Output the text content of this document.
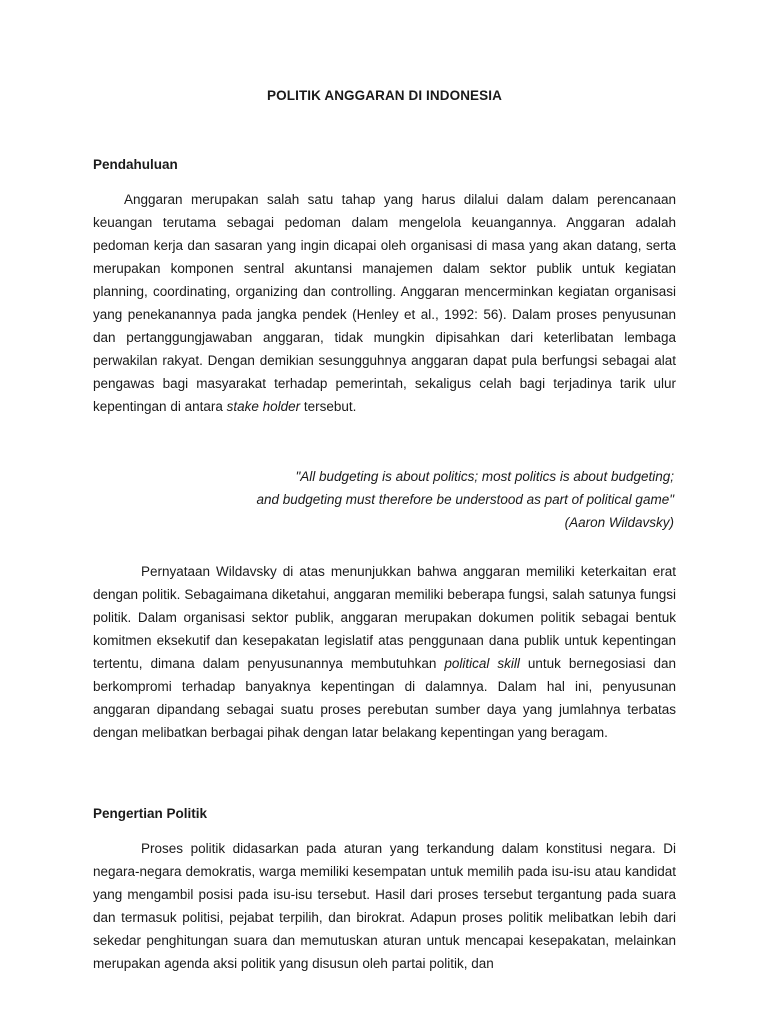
POLITIK ANGGARAN DI INDONESIA
Pendahuluan
Anggaran merupakan salah satu tahap yang harus dilalui dalam dalam perencanaan keuangan terutama sebagai pedoman dalam mengelola keuangannya. Anggaran adalah pedoman kerja dan sasaran yang ingin dicapai oleh organisasi di masa yang akan datang, serta merupakan komponen sentral akuntansi manajemen dalam sektor publik untuk kegiatan planning, coordinating, organizing dan controlling. Anggaran mencerminkan kegiatan organisasi yang penekanannya pada jangka pendek (Henley et al., 1992: 56). Dalam proses penyusunan dan pertanggungjawaban anggaran, tidak mungkin dipisahkan dari keterlibatan lembaga perwakilan rakyat. Dengan demikian sesungguhnya anggaran dapat pula berfungsi sebagai alat pengawas bagi masyarakat terhadap pemerintah, sekaligus celah bagi terjadinya tarik ulur kepentingan di antara stake holder tersebut.
"All budgeting is about politics; most politics is about budgeting;
and budgeting must therefore be understood as part of political game"
(Aaron Wildavsky)
Pernyataan Wildavsky di atas menunjukkan bahwa anggaran memiliki keterkaitan erat dengan politik. Sebagaimana diketahui, anggaran memiliki beberapa fungsi, salah satunya fungsi politik. Dalam organisasi sektor publik, anggaran merupakan dokumen politik sebagai bentuk komitmen eksekutif dan kesepakatan legislatif atas penggunaan dana publik untuk kepentingan tertentu, dimana dalam penyusunannya membutuhkan political skill untuk bernegosiasi dan berkompromi terhadap banyaknya kepentingan di dalamnya. Dalam hal ini, penyusunan anggaran dipandang sebagai suatu proses perebutan sumber daya yang jumlahnya terbatas dengan melibatkan berbagai pihak dengan latar belakang kepentingan yang beragam.
Pengertian Politik
Proses politik didasarkan pada aturan yang terkandung dalam konstitusi negara. Di negara-negara demokratis, warga memiliki kesempatan untuk memilih pada isu-isu atau kandidat yang mengambil posisi pada isu-isu tersebut. Hasil dari proses tersebut tergantung pada suara dan termasuk politisi, pejabat terpilih, dan birokrat. Adapun proses politik melibatkan lebih dari sekedar penghitungan suara dan memutuskan aturan untuk mencapai kesepakatan, melainkan merupakan agenda aksi politik yang disusun oleh partai politik, dan
